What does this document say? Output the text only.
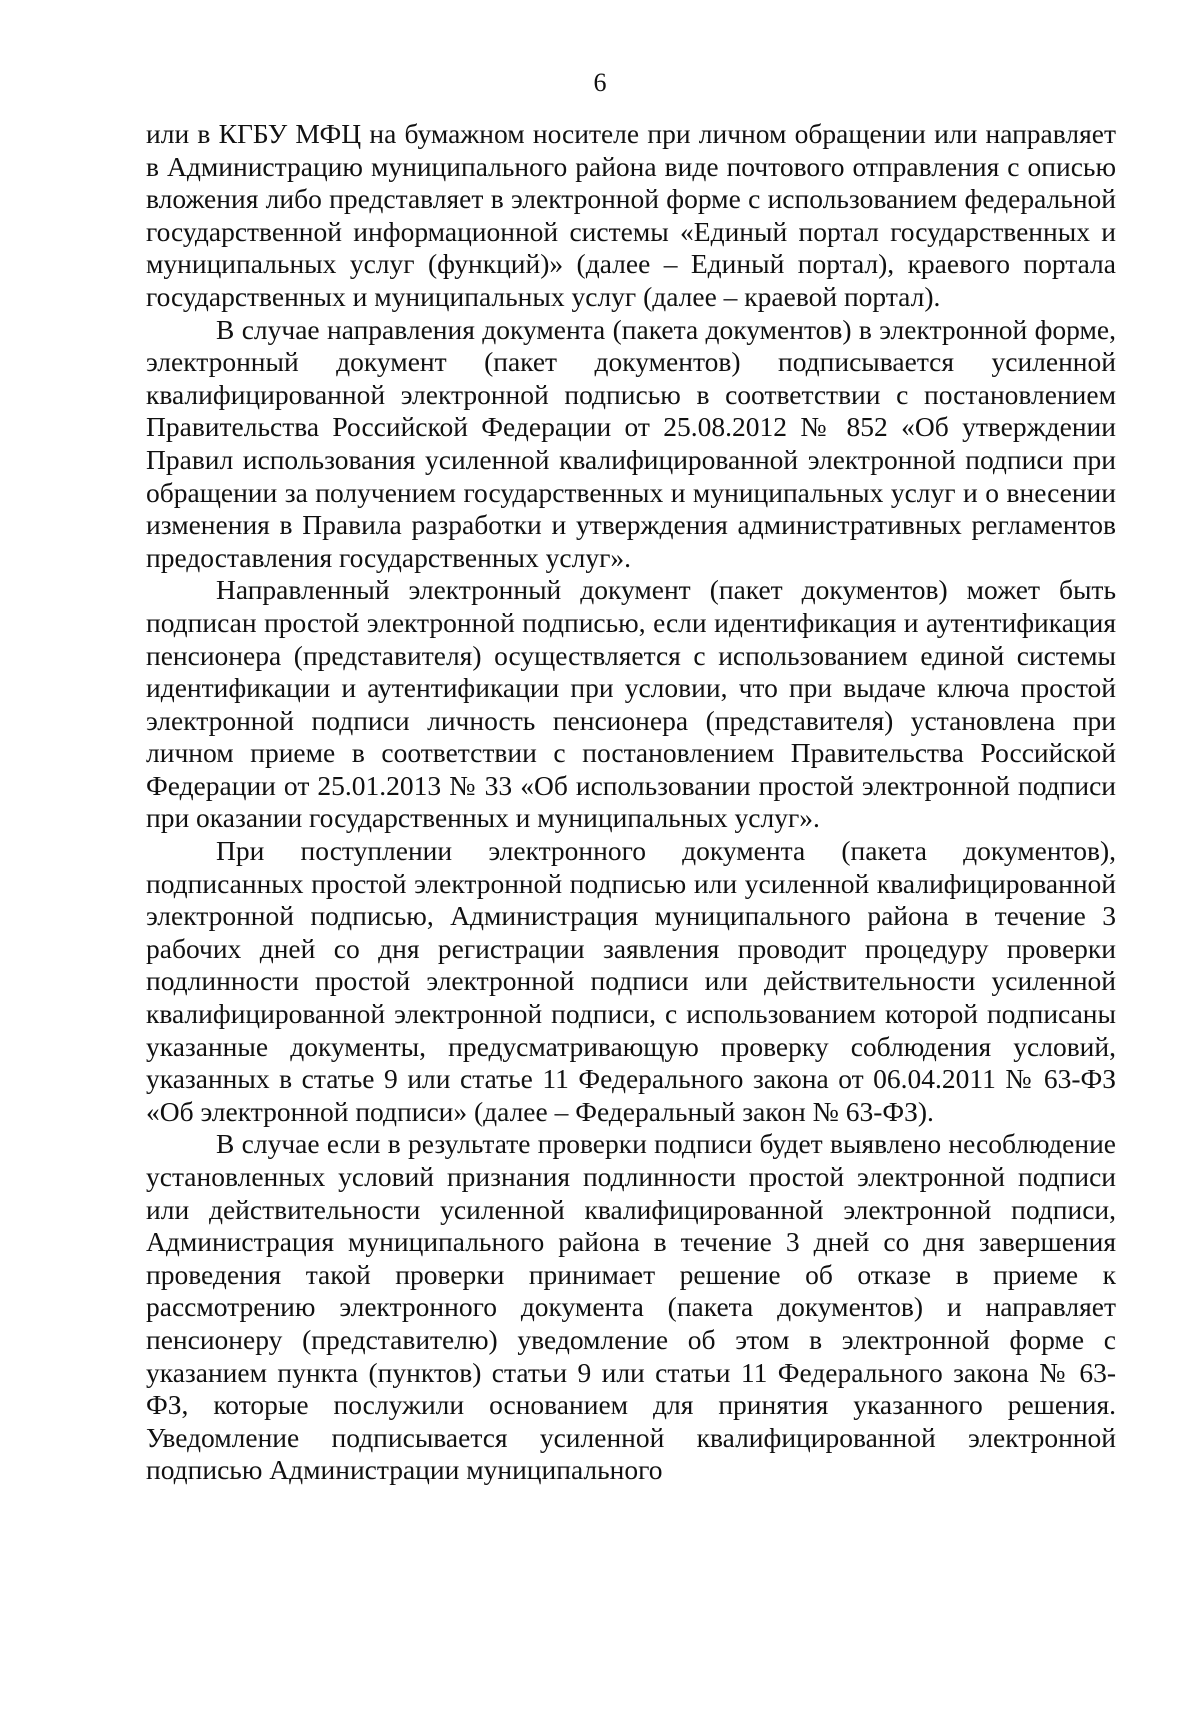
6

или в КГБУ МФЦ на бумажном носителе при личном обращении или направляет в Администрацию муниципального района виде почтового отправления с описью вложения либо представляет в электронной форме с использованием федеральной государственной информационной системы «Единый портал государственных и муниципальных услуг (функций)» (далее – Единый портал), краевого портала государственных и муниципальных услуг (далее – краевой портал).

В случае направления документа (пакета документов) в электронной форме, электронный документ (пакет документов) подписывается усиленной квалифицированной электронной подписью в соответствии с постановлением Правительства Российской Федерации от 25.08.2012 № 852 «Об утверждении Правил использования усиленной квалифицированной электронной подписи при обращении за получением государственных и муниципальных услуг и о внесении изменения в Правила разработки и утверждения административных регламентов предоставления государственных услуг».

Направленный электронный документ (пакет документов) может быть подписан простой электронной подписью, если идентификация и аутентификация пенсионера (представителя) осуществляется с использованием единой системы идентификации и аутентификации при условии, что при выдаче ключа простой электронной подписи личность пенсионера (представителя) установлена при личном приеме в соответствии с постановлением Правительства Российской Федерации от 25.01.2013 № 33 «Об использовании простой электронной подписи при оказании государственных и муниципальных услуг».

При поступлении электронного документа (пакета документов), подписанных простой электронной подписью или усиленной квалифицированной электронной подписью, Администрация муниципального района в течение 3 рабочих дней со дня регистрации заявления проводит процедуру проверки подлинности простой электронной подписи или действительности усиленной квалифицированной электронной подписи, с использованием которой подписаны указанные документы, предусматривающую проверку соблюдения условий, указанных в статье 9 или статье 11 Федерального закона от 06.04.2011 № 63-ФЗ «Об электронной подписи» (далее – Федеральный закон № 63-ФЗ).

В случае если в результате проверки подписи будет выявлено несоблюдение установленных условий признания подлинности простой электронной подписи или действительности усиленной квалифицированной электронной подписи, Администрация муниципального района в течение 3 дней со дня завершения проведения такой проверки принимает решение об отказе в приеме к рассмотрению электронного документа (пакета документов) и направляет пенсионеру (представителю) уведомление об этом в электронной форме с указанием пункта (пунктов) статьи 9 или статьи 11 Федерального закона № 63-ФЗ, которые послужили основанием для принятия указанного решения. Уведомление подписывается усиленной квалифицированной электронной подписью Администрации муниципального
